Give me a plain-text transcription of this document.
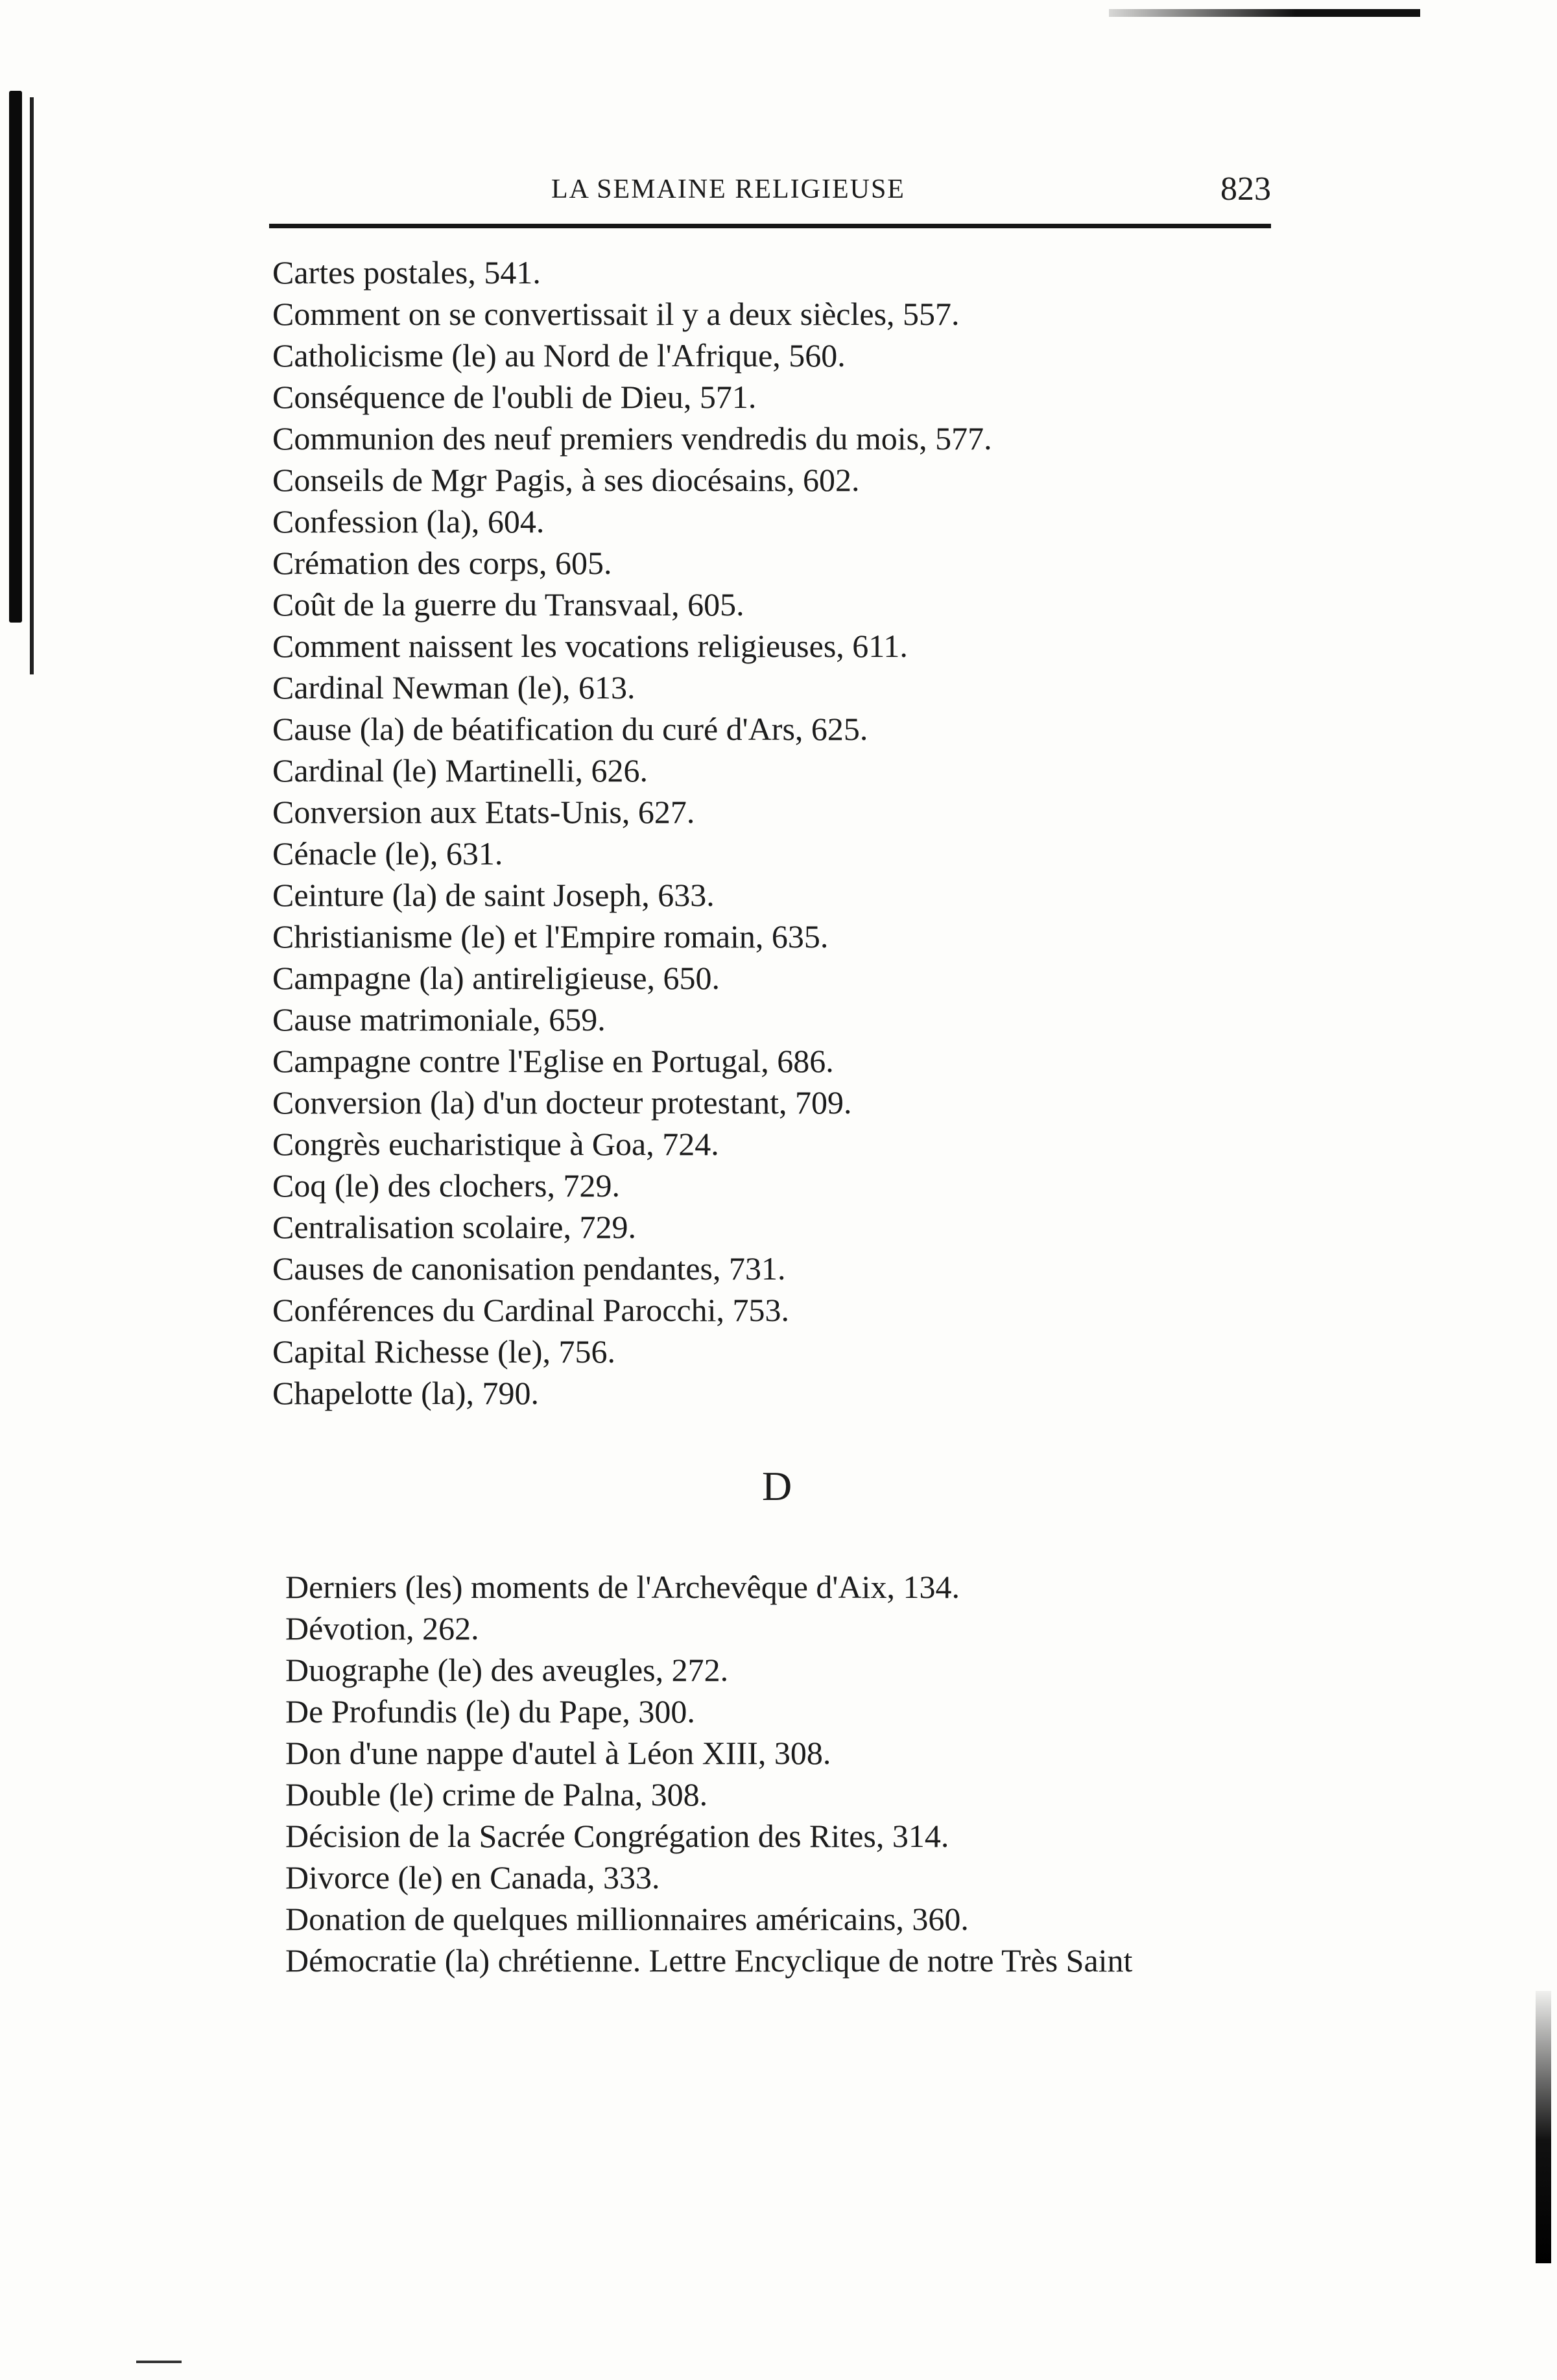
LA SEMAINE RELIGIEUSE	823
Cartes postales, 541.
Comment on se convertissait il y a deux siècles, 557.
Catholicisme (le) au Nord de l'Afrique, 560.
Conséquence de l'oubli de Dieu, 571.
Communion des neuf premiers vendredis du mois, 577.
Conseils de Mgr Pagis, à ses diocésains, 602.
Confession (la), 604.
Crémation des corps, 605.
Coût de la guerre du Transvaal, 605.
Comment naissent les vocations religieuses, 611.
Cardinal Newman (le), 613.
Cause (la) de béatification du curé d'Ars, 625.
Cardinal (le) Martinelli, 626.
Conversion aux Etats-Unis, 627.
Cénacle (le), 631.
Ceinture (la) de saint Joseph, 633.
Christianisme (le) et l'Empire romain, 635.
Campagne (la) antireligieuse, 650.
Cause matrimoniale, 659.
Campagne contre l'Eglise en Portugal, 686.
Conversion (la) d'un docteur protestant, 709.
Congrès eucharistique à Goa, 724.
Coq (le) des clochers, 729.
Centralisation scolaire, 729.
Causes de canonisation pendantes, 731.
Conférences du Cardinal Parocchi, 753.
Capital Richesse (le), 756.
Chapelotte (la), 790.
D
Derniers (les) moments de l'Archevêque d'Aix, 134.
Dévotion, 262.
Duographe (le) des aveugles, 272.
De Profundis (le) du Pape, 300.
Don d'une nappe d'autel à Léon XIII, 308.
Double (le) crime de Palna, 308.
Décision de la Sacrée Congrégation des Rites, 314.
Divorce (le) en Canada, 333.
Donation de quelques millionnaires américains, 360.
Démocratie (la) chrétienne. Lettre Encyclique de notre Très Saint
